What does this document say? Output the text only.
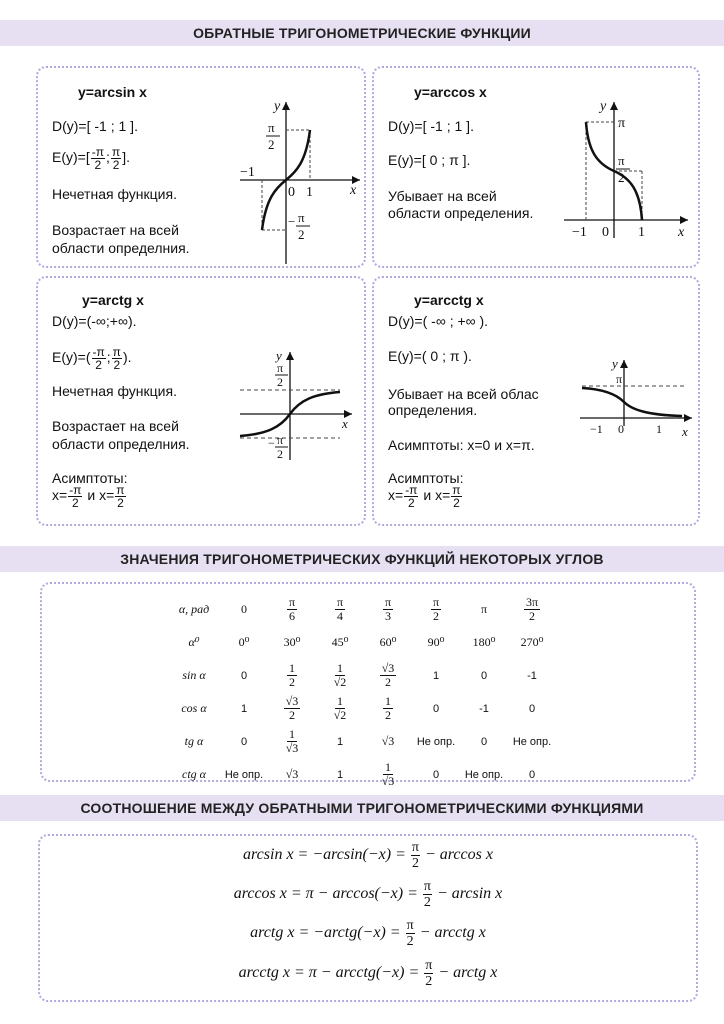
ОБРАТНЫЕ ТРИГОНОМЕТРИЧЕСКИЕ ФУНКЦИИ
y=arcsin x
D(y)=[ -1 ; 1 ].
$E(y)=[ \frac{-\pi}{2}$ ; $\frac{\pi}{2}$ ].
Нечетная функция.
Возрастает на всей
области определния.
y
x
0 1
−1
π
2
− π
2
y=arccos x
D(y)=[ -1 ; 1 ].
E(y)=[ 0 ; π ].
Убывает на всей
области определения.
y
x
π
π
2
−1 0 1
y=arctg x
D(y)=(-∞;+∞).
$E(y)=( \frac{-\pi}{2}$ ; $\frac{\pi}{2}$ ).
Нечетная функция.
Возрастает на всей
области определния.
Асимптоты:
$x= \frac{-\pi}{2}$ и $x= \frac{\pi}{2}$
y
x
π
2
− π
2
y=arcctg x
D(y)=( -∞ ; +∞ ).
E(y)=( 0 ; π ).
Убывает на всей облас
определения.
Асимптоты: x=0 и x=π.
Асимптоты:
$x= \frac{-\pi}{2}$ и $x= \frac{\pi}{2}$
y
x
π
−1 0	1
ЗНАЧЕНИЯ ТРИГОНОМЕТРИЧЕСКИХ ФУНКЦИЙ НЕКОТОРЫХ УГЛОВ
α, рад	0	$\frac{\pi}{6}$	$\frac{\pi}{4}$	$\frac{\pi}{3}$	$\frac{\pi}{2}$	π	$\frac{3\pi}{2}$

α⁰	0⁰	30⁰	45⁰	60⁰	90⁰	180⁰	270⁰
sin α	0	$\frac{1}{2}$	$\frac{1}{√2}$	$\frac{√3}{2}$	1	0	-1
cos α	1	$\frac{√3}{2}$	$\frac{1}{√2}$	$\frac{1}{2}$	0	-1	0
tg α	0	$\frac{1}{√3}$	1	√3	Не опр.	0	Не опр.
ctg α	Не опр.	√3	1	$\frac{1}{√3}$	0	Не опр.	0
СООТНОШЕНИЕ МЕЖДУ ОБРАТНЫМИ ТРИГОНОМЕТРИЧЕСКИМИ ФУНКЦИЯМИ
$\arcsin x = -\arcsin(-x) = \frac{\pi}{2} - \arccos x$
$\arccos x = \pi - \arccos(-x) = \frac{\pi}{2} - \arcsin x$
arctg x = −arctg(−x) = $\frac{\pi}{2}$ − arcctg x
arcctg x = π − arcctg(−x) = $\frac{\pi}{2}$ − arctg x
